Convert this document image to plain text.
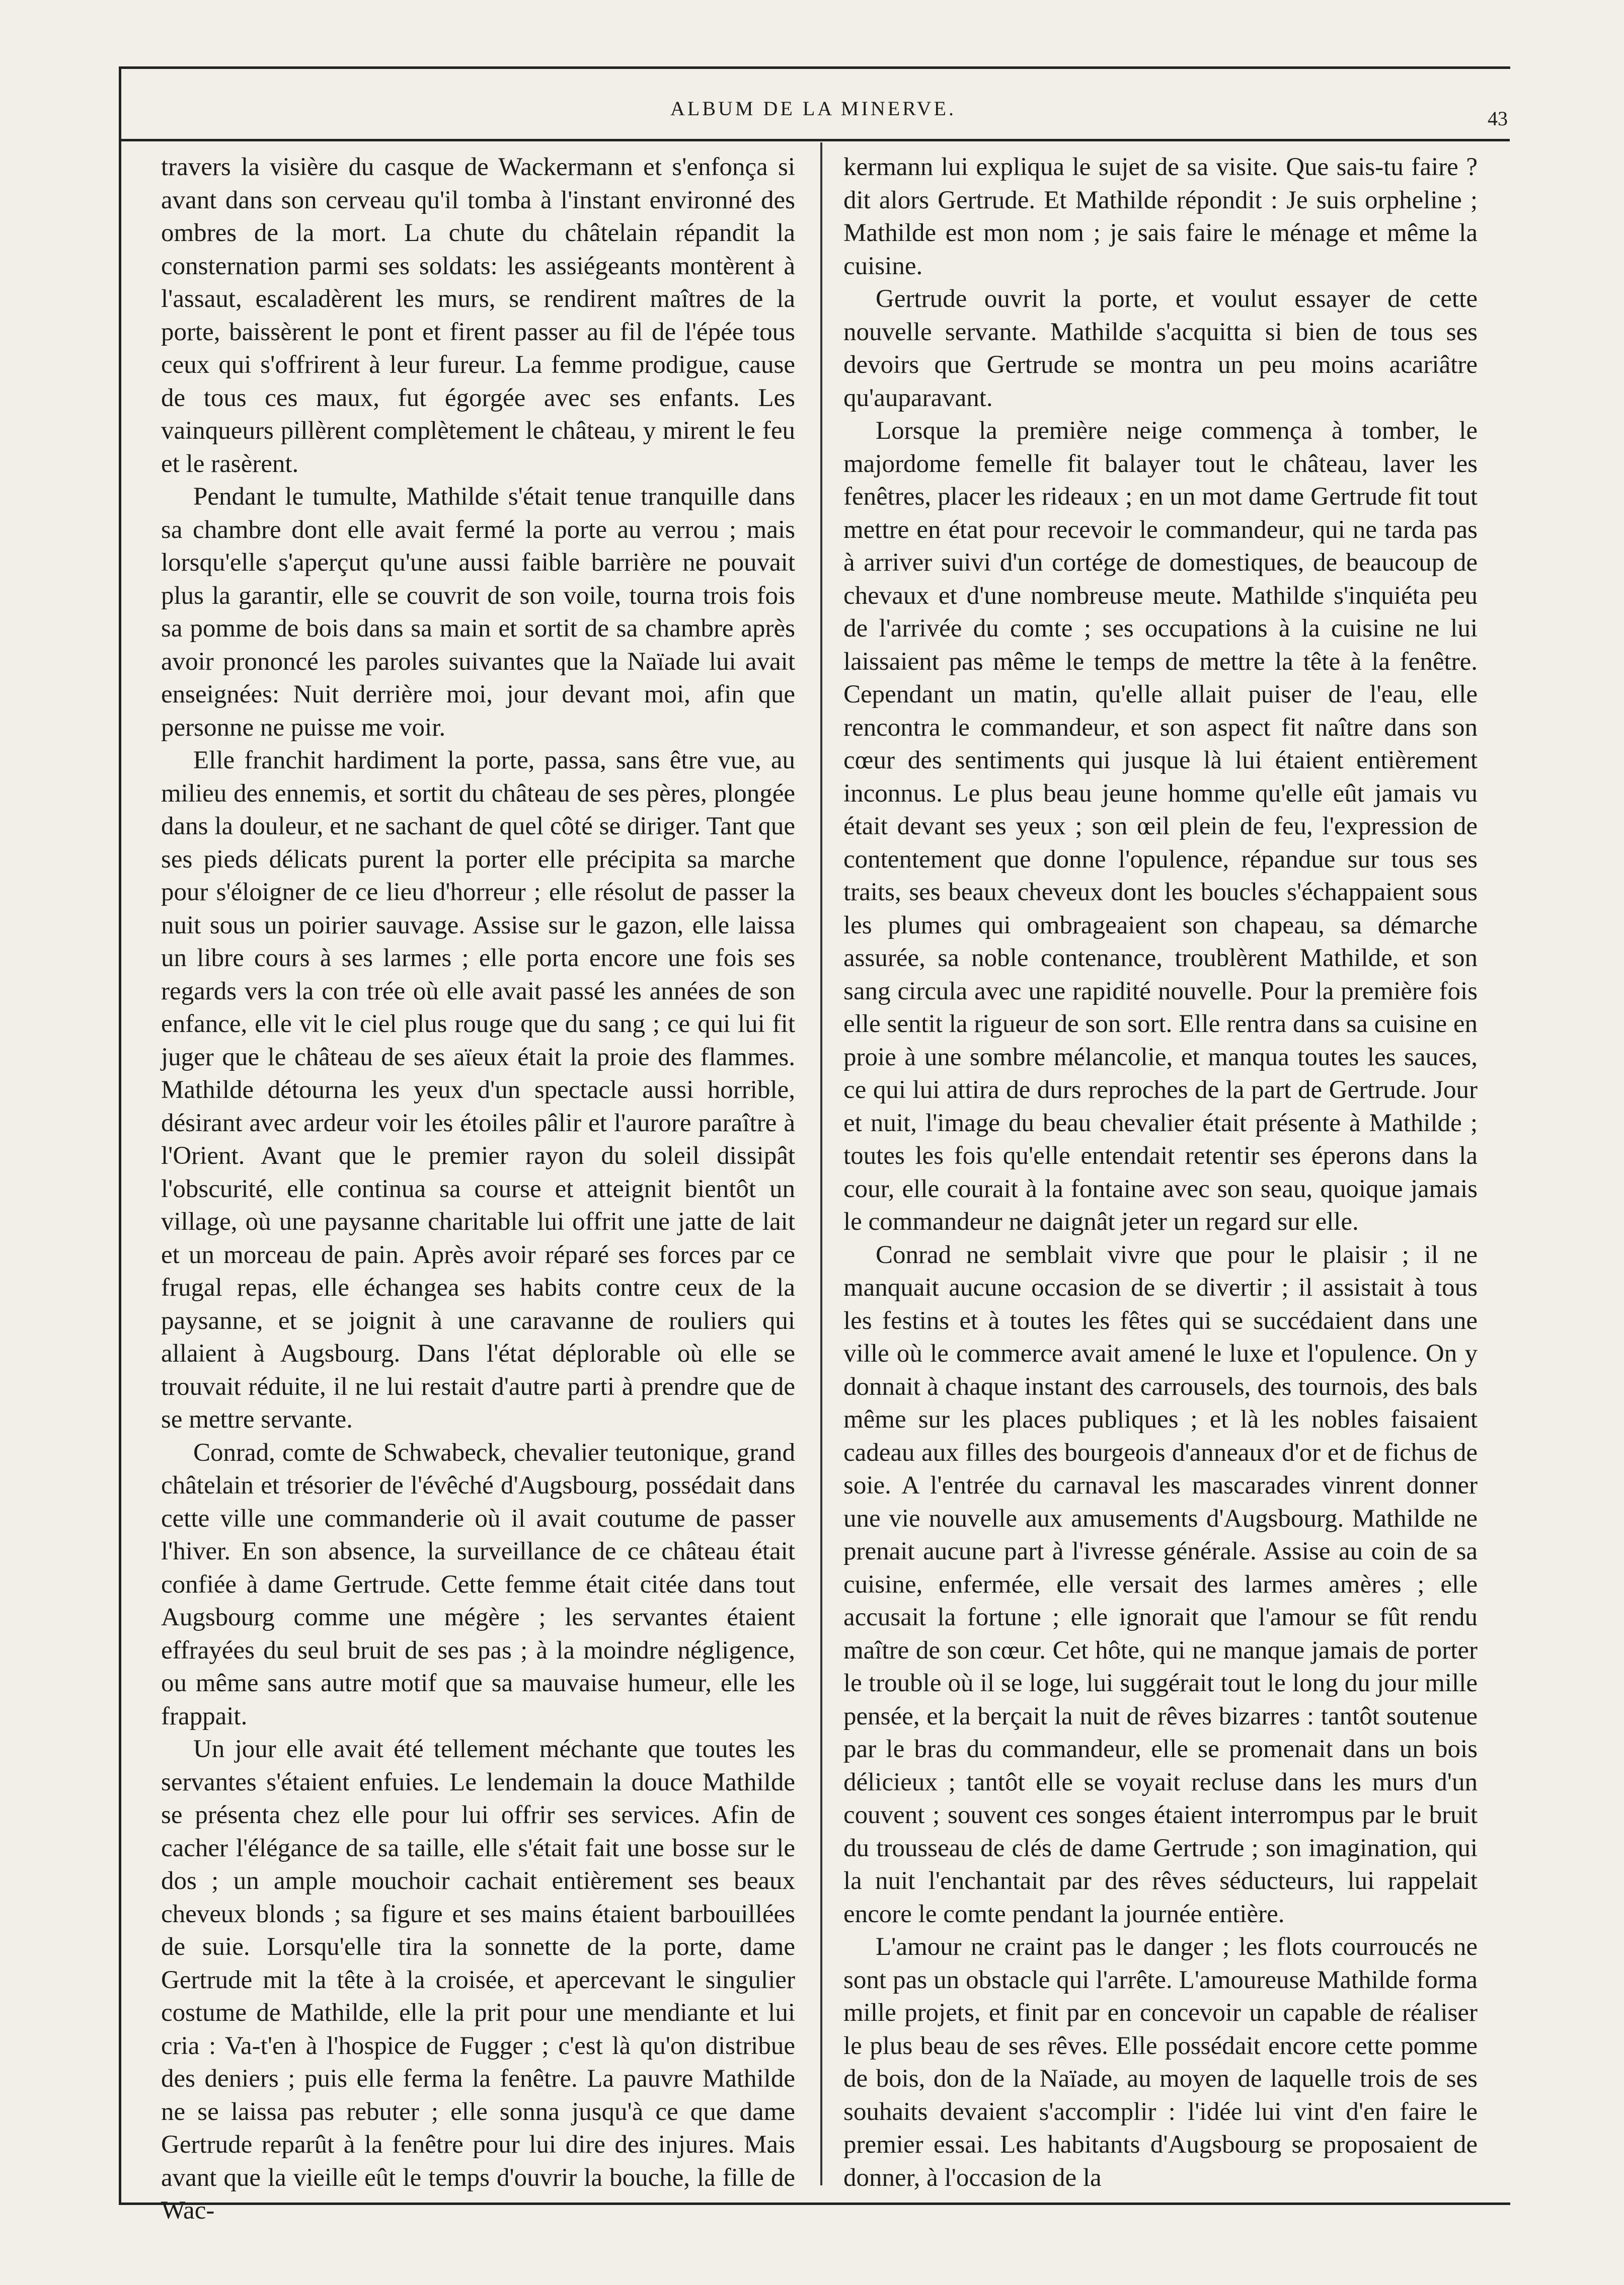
ALBUM DE LA MINERVE.	43

travers la visière du casque de Wackermann et s'enfonça si avant dans son cerveau qu'il tomba à l'instant environné des ombres de la mort. La chute du châtelain répandit la consternation parmi ses soldats: les assiégeants montèrent à l'assaut, escaladèrent les murs, se rendirent maîtres de la porte, baissèrent le pont et firent passer au fil de l'épée tous ceux qui s'offrirent à leur fureur. La femme prodigue, cause de tous ces maux, fut égorgée avec ses enfants. Les vainqueurs pillèrent complètement le château, y mirent le feu et le rasèrent.

Pendant le tumulte, Mathilde s'était tenue tranquille dans sa chambre dont elle avait fermé la porte au verrou ; mais lorsqu'elle s'aperçut qu'une aussi faible barrière ne pouvait plus la garantir, elle se couvrit de son voile, tourna trois fois sa pomme de bois dans sa main et sortit de sa chambre après avoir prononcé les paroles suivantes que la Naïade lui avait enseignées: Nuit derrière moi, jour devant moi, afin que personne ne puisse me voir.

Elle franchit hardiment la porte, passa, sans être vue, au milieu des ennemis, et sortit du château de ses pères, plongée dans la douleur, et ne sachant de quel côté se diriger. Tant que ses pieds délicats purent la porter elle précipita sa marche pour s'éloigner de ce lieu d'horreur ; elle résolut de passer la nuit sous un poirier sauvage. Assise sur le gazon, elle laissa un libre cours à ses larmes ; elle porta encore une fois ses regards vers la con trée où elle avait passé les années de son enfance, elle vit le ciel plus rouge que du sang ; ce qui lui fit juger que le château de ses aïeux était la proie des flammes. Mathilde détourna les yeux d'un spectacle aussi horrible, désirant avec ardeur voir les étoiles pâlir et l'aurore paraître à l'Orient. Avant que le premier rayon du soleil dissipât l'obscurité, elle continua sa course et atteignit bientôt un village, où une paysanne charitable lui offrit une jatte de lait et un morceau de pain. Après avoir réparé ses forces par ce frugal repas, elle échangea ses habits contre ceux de la paysanne, et se joignit à une caravanne de rouliers qui allaient à Augsbourg. Dans l'état déplorable où elle se trouvait réduite, il ne lui restait d'autre parti à prendre que de se mettre servante.

Conrad, comte de Schwabeck, chevalier teutonique, grand châtelain et trésorier de l'évêché d'Augsbourg, possédait dans cette ville une commanderie où il avait coutume de passer l'hiver. En son absence, la surveillance de ce château était confiée à dame Gertrude. Cette femme était citée dans tout Augsbourg comme une mégère ; les servantes étaient effrayées du seul bruit de ses pas ; à la moindre négligence, ou même sans autre motif que sa mauvaise humeur, elle les frappait.

Un jour elle avait été tellement méchante que toutes les servantes s'étaient enfuies. Le lendemain la douce Mathilde se présenta chez elle pour lui offrir ses services. Afin de cacher l'élégance de sa taille, elle s'était fait une bosse sur le dos ; un ample mouchoir cachait entièrement ses beaux cheveux blonds ; sa figure et ses mains étaient barbouillées de suie. Lorsqu'elle tira la sonnette de la porte, dame Gertrude mit la tête à la croisée, et apercevant le singulier costume de Mathilde, elle la prit pour une mendiante et lui cria : Va-t'en à l'hospice de Fugger ; c'est là qu'on distribue des deniers ; puis elle ferma la fenêtre. La pauvre Mathilde ne se laissa pas rebuter ; elle sonna jusqu'à ce que dame Gertrude reparût à la fenêtre pour lui dire des injures. Mais avant que la vieille eût le temps d'ouvrir la bouche, la fille de Wac-

kermann lui expliqua le sujet de sa visite. Que sais-tu faire ? dit alors Gertrude. Et Mathilde répondit : Je suis orpheline ; Mathilde est mon nom ; je sais faire le ménage et même la cuisine.

Gertrude ouvrit la porte, et voulut essayer de cette nouvelle servante. Mathilde s'acquitta si bien de tous ses devoirs que Gertrude se montra un peu moins acariâtre qu'auparavant.

Lorsque la première neige commença à tomber, le majordome femelle fit balayer tout le château, laver les fenêtres, placer les rideaux ; en un mot dame Gertrude fit tout mettre en état pour recevoir le commandeur, qui ne tarda pas à arriver suivi d'un cortége de domestiques, de beaucoup de chevaux et d'une nombreuse meute. Mathilde s'inquiéta peu de l'arrivée du comte ; ses occupations à la cuisine ne lui laissaient pas même le temps de mettre la tête à la fenêtre. Cependant un matin, qu'elle allait puiser de l'eau, elle rencontra le commandeur, et son aspect fit naître dans son cœur des sentiments qui jusque là lui étaient entièrement inconnus. Le plus beau jeune homme qu'elle eût jamais vu était devant ses yeux ; son œil plein de feu, l'expression de contentement que donne l'opulence, répandue sur tous ses traits, ses beaux cheveux dont les boucles s'échappaient sous les plumes qui ombrageaient son chapeau, sa démarche assurée, sa noble contenance, troublèrent Mathilde, et son sang circula avec une rapidité nouvelle. Pour la première fois elle sentit la rigueur de son sort. Elle rentra dans sa cuisine en proie à une sombre mélancolie, et manqua toutes les sauces, ce qui lui attira de durs reproches de la part de Gertrude. Jour et nuit, l'image du beau chevalier était présente à Mathilde ; toutes les fois qu'elle entendait retentir ses éperons dans la cour, elle courait à la fontaine avec son seau, quoique jamais le commandeur ne daignât jeter un regard sur elle.

Conrad ne semblait vivre que pour le plaisir ; il ne manquait aucune occasion de se divertir ; il assistait à tous les festins et à toutes les fêtes qui se succédaient dans une ville où le commerce avait amené le luxe et l'opulence. On y donnait à chaque instant des carrousels, des tournois, des bals même sur les places publiques ; et là les nobles faisaient cadeau aux filles des bourgeois d'anneaux d'or et de fichus de soie. A l'entrée du carnaval les mascarades vinrent donner une vie nouvelle aux amusements d'Augsbourg. Mathilde ne prenait aucune part à l'ivresse générale. Assise au coin de sa cuisine, enfermée, elle versait des larmes amères ; elle accusait la fortune ; elle ignorait que l'amour se fût rendu maître de son cœur. Cet hôte, qui ne manque jamais de porter le trouble où il se loge, lui suggérait tout le long du jour mille pensée, et la berçait la nuit de rêves bizarres : tantôt soutenue par le bras du commandeur, elle se promenait dans un bois délicieux ; tantôt elle se voyait recluse dans les murs d'un couvent ; souvent ces songes étaient interrompus par le bruit du trousseau de clés de dame Gertrude ; son imagination, qui la nuit l'enchantait par des rêves séducteurs, lui rappelait encore le comte pendant la journée entière.

L'amour ne craint pas le danger ; les flots courroucés ne sont pas un obstacle qui l'arrête. L'amoureuse Mathilde forma mille projets, et finit par en concevoir un capable de réaliser le plus beau de ses rêves. Elle possédait encore cette pomme de bois, don de la Naïade, au moyen de laquelle trois de ses souhaits devaient s'accomplir : l'idée lui vint d'en faire le premier essai. Les habitants d'Augsbourg se proposaient de donner, à l'occasion de la
